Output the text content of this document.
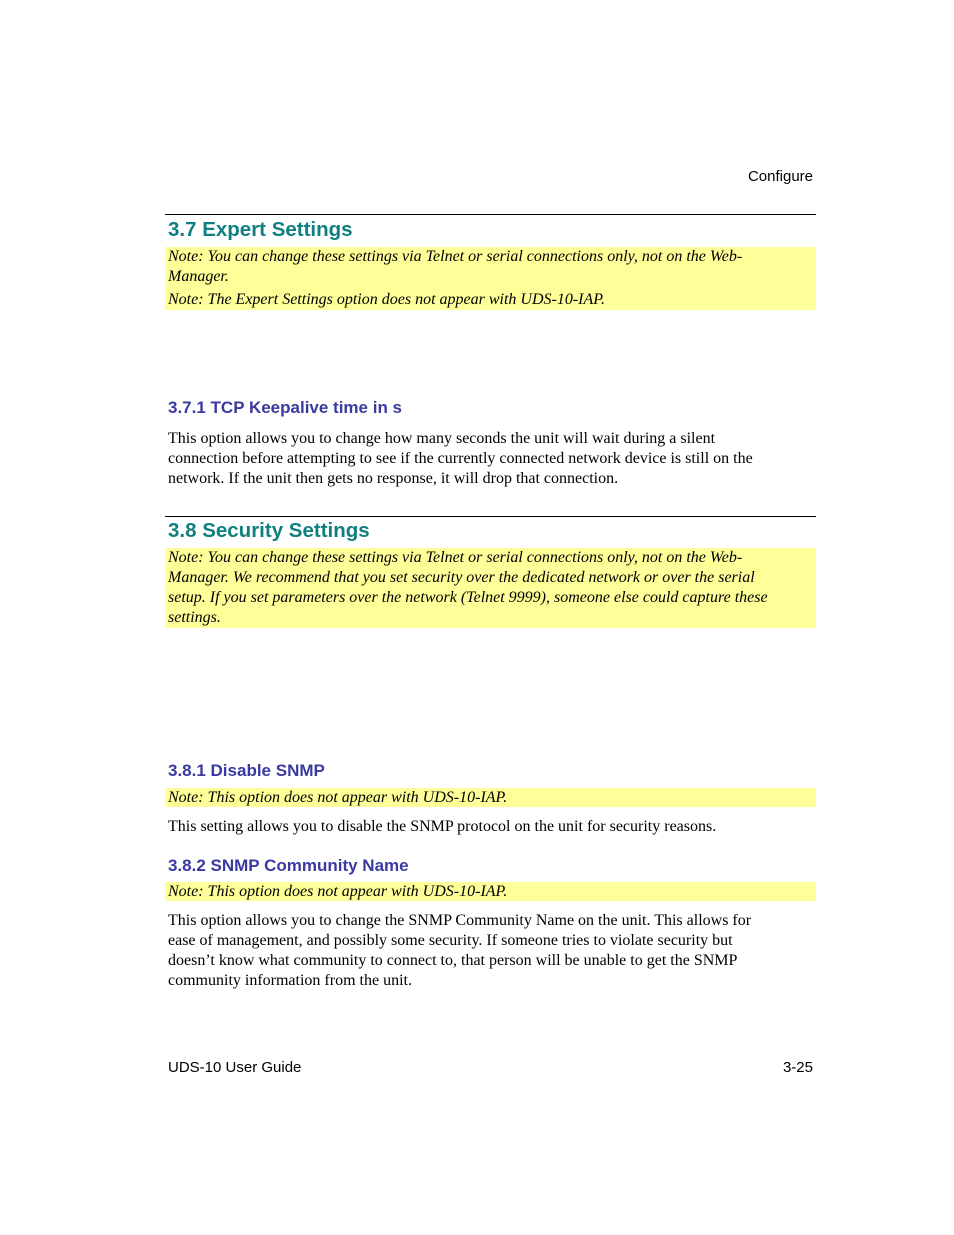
Configure
3.7 Expert Settings
Note: You can change these settings via Telnet or serial connections only, not on the Web-
Manager.
Note: The Expert Settings option does not appear with UDS-10-IAP.
3.7.1 TCP Keepalive time in s
This option allows you to change how many seconds the unit will wait during a silent
connection before attempting to see if the currently connected network device is still on the
network. If the unit then gets no response, it will drop that connection.
3.8 Security Settings
Note: You can change these settings via Telnet or serial connections only, not on the Web-
Manager. We recommend that you set security over the dedicated network or over the serial
setup. If you set parameters over the network (Telnet 9999), someone else could capture these
settings.
3.8.1 Disable SNMP
Note: This option does not appear with UDS-10-IAP.
This setting allows you to disable the SNMP protocol on the unit for security reasons.
3.8.2 SNMP Community Name
Note: This option does not appear with UDS-10-IAP.
This option allows you to change the SNMP Community Name on the unit. This allows for
ease of management, and possibly some security. If someone tries to violate security but
doesn’t know what community to connect to, that person will be unable to get the SNMP
community information from the unit.
UDS-10 User Guide	3-25
